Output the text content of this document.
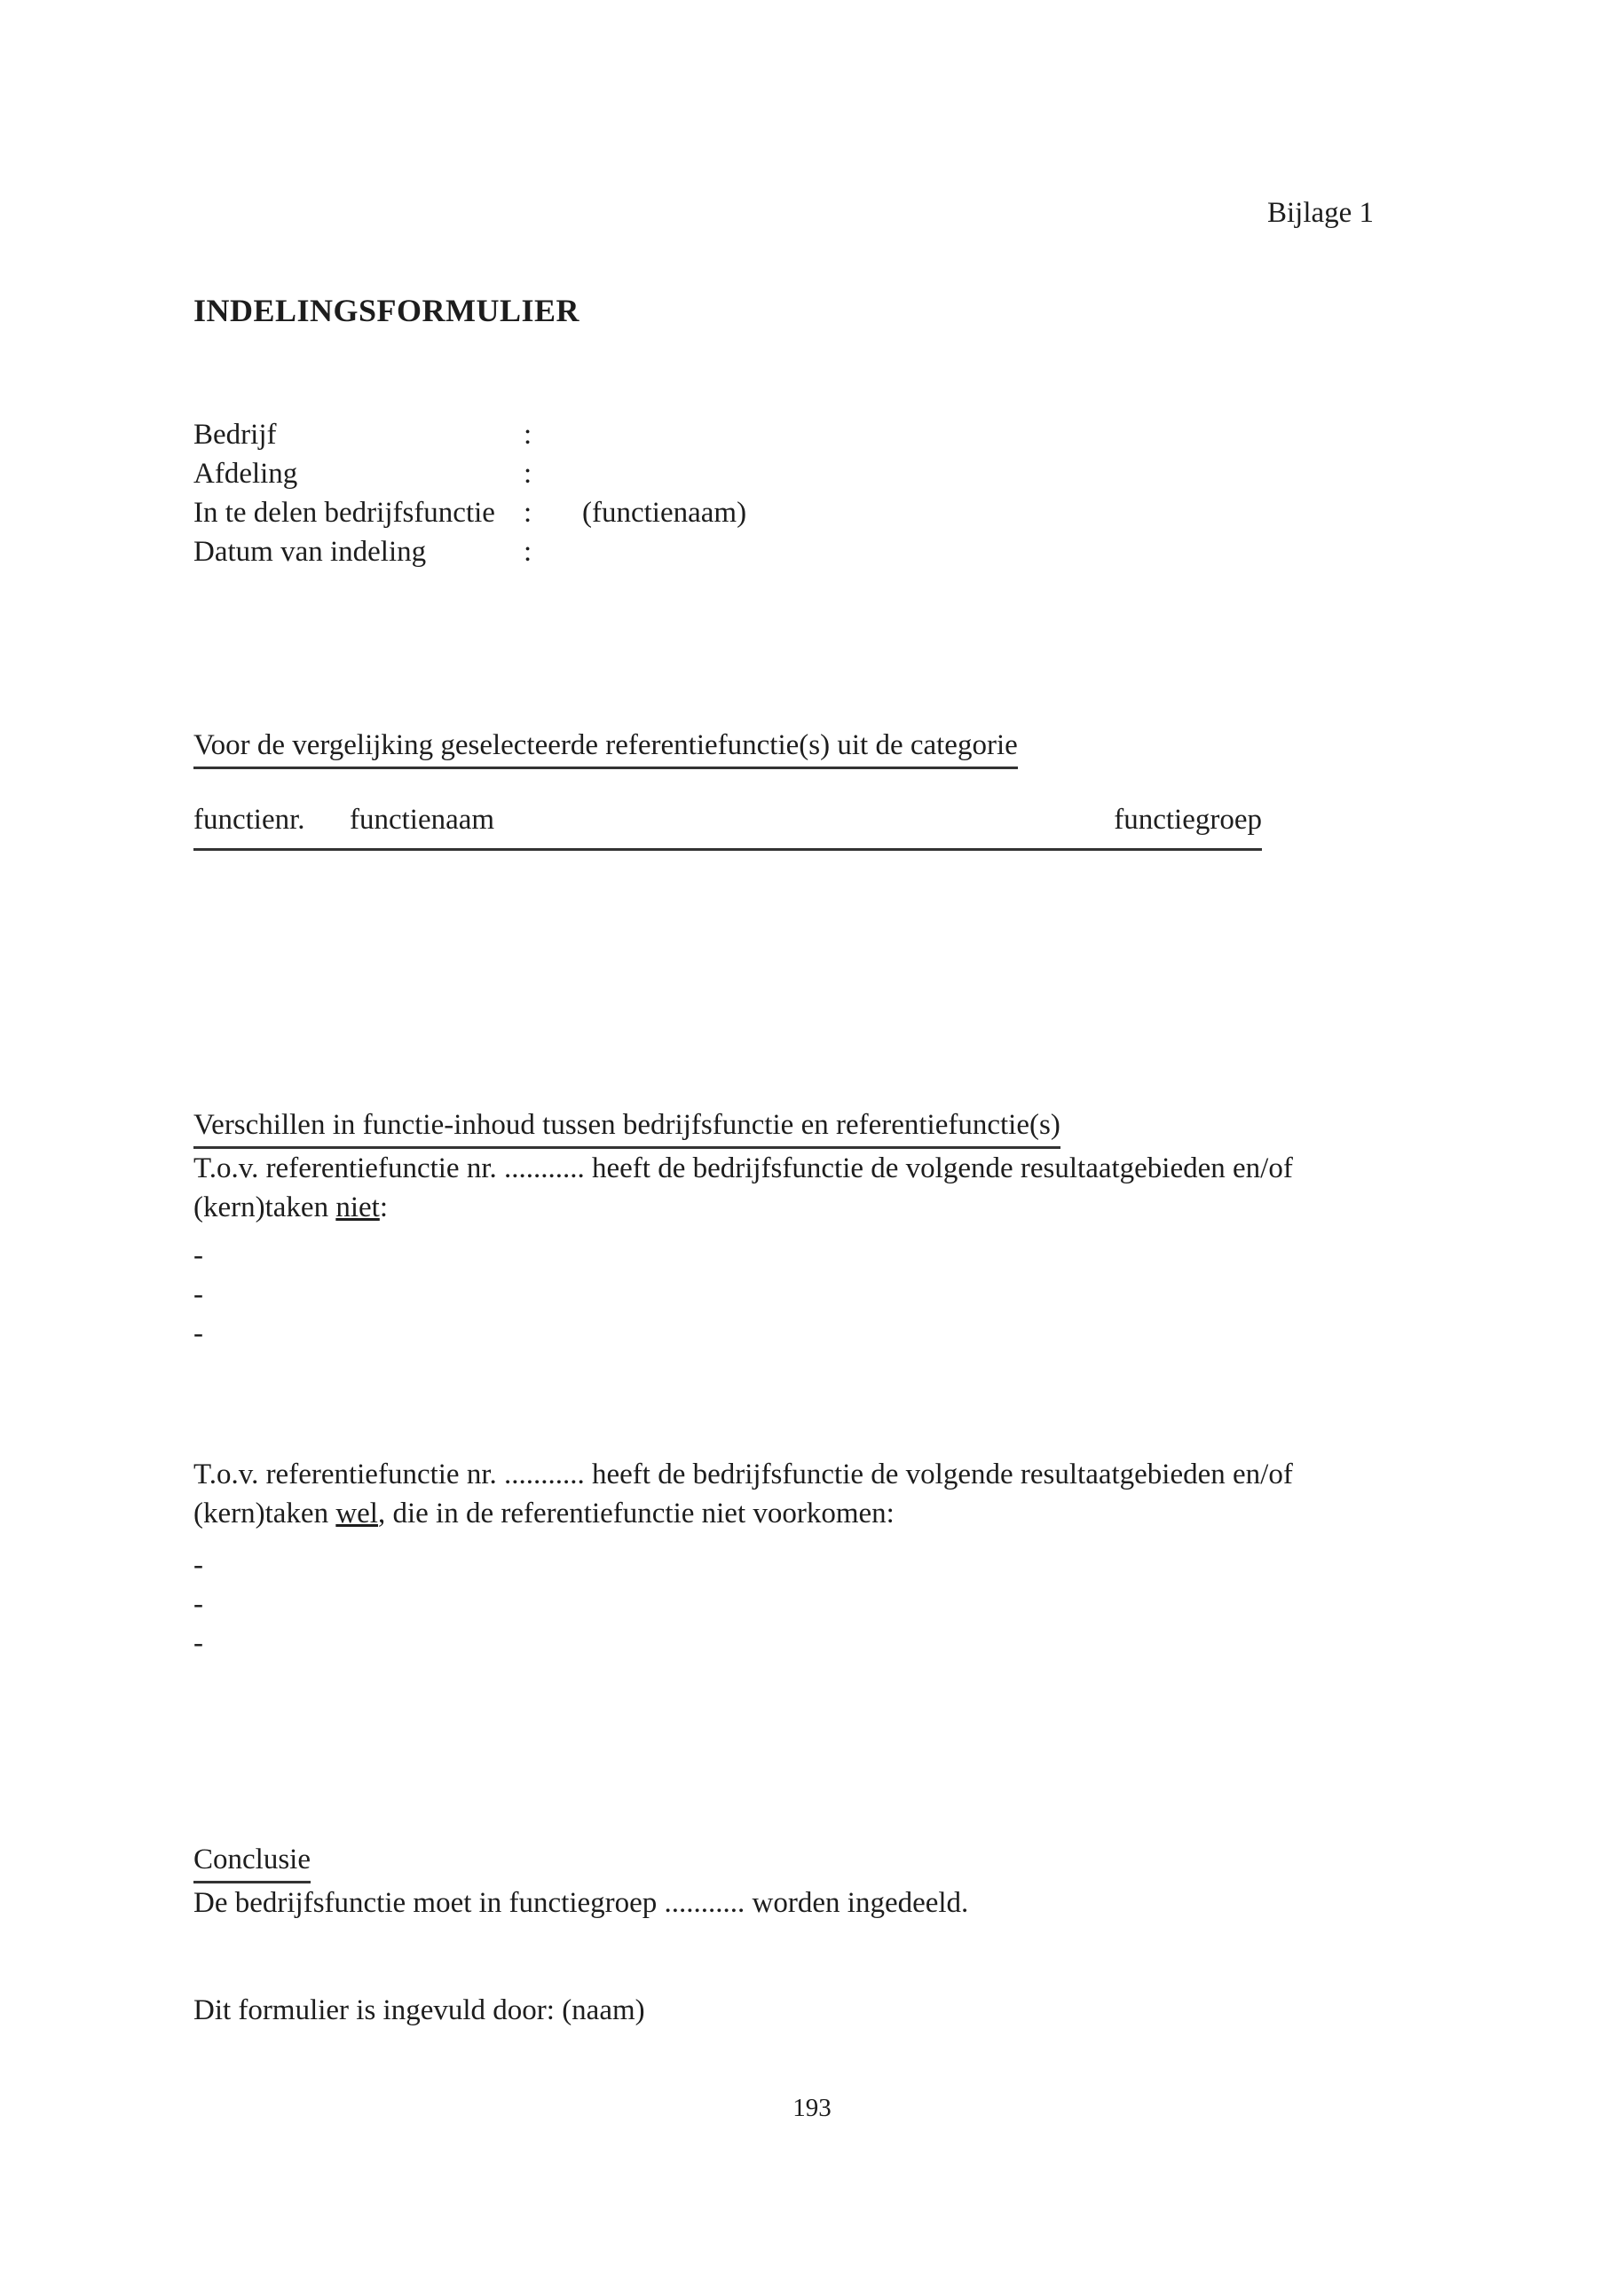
Bijlage 1
INDELINGSFORMULIER
Bedrijf	:
Afdeling	:
In te delen bedrijfsfunctie :	(functienaam)
Datum van indeling	:
Voor de vergelijking geselecteerde referentiefunctie(s) uit de categorie
functienr.	functienaam	functiegroep
Verschillen in functie-inhoud tussen bedrijfsfunctie en referentiefunctie(s)
T.o.v. referentiefunctie nr. ........... heeft de bedrijfsfunctie de volgende resultaatgebieden en/of
(kern)taken niet:
-
-
-
T.o.v. referentiefunctie nr. ........... heeft de bedrijfsfunctie de volgende resultaatgebieden en/of
(kern)taken wel, die in de referentiefunctie niet voorkomen:
-
-
-
Conclusie
De bedrijfsfunctie moet in functiegroep ........... worden ingedeeld.
Dit formulier is ingevuld door: (naam)
193
